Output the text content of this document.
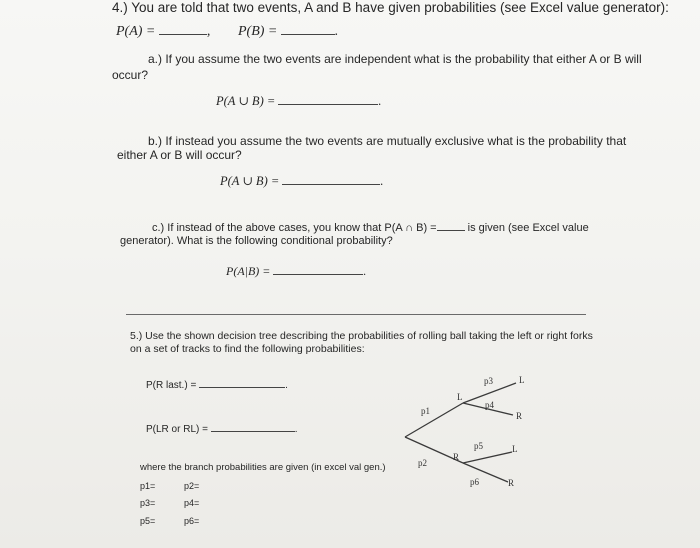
4.) You are told that two events, A and B have given probabilities (see Excel value generator):
P(A) =	, P(B) =	.
a.) If you assume the two events are independent what is the probability that either A or B will
occur?
P(A ∪ B) =	.
b.) If instead you assume the two events are mutually exclusive what is the probability that
either A or B will occur?
P(A ∪ B) =	.
c.) If instead of the above cases, you know that P(A ∩ B) =	is given (see Excel value
generator). What is the following conditional probability?
P(A|B) =	.
5.) Use the shown decision tree describing the probabilities of rolling ball taking the left or right forks
on a set of tracks to find the following probabilities:
P(R last.) =	.
P(LR or RL) =	.
where the branch probabilities are given (in excel val gen.)
p1=	p2=
p3=	p4=
p5=	p6=
p1
p2
p3
p4
p5
p6
L
R
L
R
L
R
